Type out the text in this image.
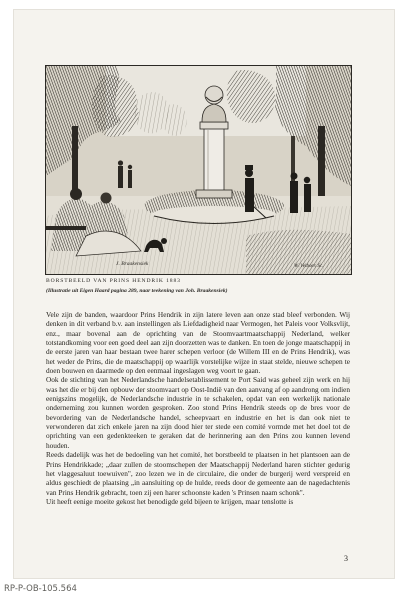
J. Braakensiek	W. Veiboer. Sc.
BORSTBEELD VAN PRINS HENDRIK 1883
(Illustratie uit Eigen Haard pagina 289, naar teekening van Joh. Braakensiek)

Vele zijn de banden, waardoor Prins Hendrik in zijn latere leven aan onze stad bleef verbonden. Wij denken in dit verband b.v. aan instellingen als Liefdadigheid naar Vermogen, het Paleis voor Volksvlijt, enz., maar bovenal aan de oprichting van de Stoomvaartmaatschappij Nederland, welker totstandkoming voor een goed deel aan zijn doorzetten was te danken. En toen de jonge maatschappij in de eerste jaren van haar bestaan twee harer schepen verloor (de Willem III en de Prins Hendrik), was het weder de Prins, die de maatschappij op waarlijk vorstelijke wijze in staat stelde, nieuwe schepen te doen bouwen en daarmede op den eenmaal ingeslagen weg voort te gaan.

Ook de stichting van het Nederlandsche handelsetablissement te Port Said was geheel zijn werk en hij was het die er bij den opbouw der stoomvaart op Oost-Indië van den aanvang af op aandrong om indien eenigszins mogelijk, de Nederlandsche industrie in te schakelen, opdat van een werkelijk nationale onderneming zou kunnen worden gesproken. Zoo stond Prins Hendrik steeds op de bres voor de bevordering van de Nederlandsche handel, scheepvaart en industrie en het is dan ook niet te verwonderen dat zich enkele jaren na zijn dood hier ter stede een comité vormde met het doel tot de oprichting van een gedenkteeken te geraken dat de herinnering aan den Prins zou kunnen levend houden.

Reeds dadelijk was het de bedoeling van het comité, het borstbeeld te plaatsen in het plantsoen aan de Prins Hendrikkade; „daar zullen de stoomschepen der Maatschappij Nederland haren stichter gedurig het vlaggesaluut toewuiven", zoo lezen we in de circulaire, die onder de burgerij werd verspreid en aldus geschiedt de plaatsing „in aansluiting op de hulde, reeds door de gemeente aan de nagedachtenis van Prins Hendrik gebracht, toen zij een harer schoonste kaden 's Prinsen naam schonk".

Uit heeft eenige moeite gekost het benodigde geld bijeen te krijgen, maar tenslotte is

3
RP-P-OB-105.564
